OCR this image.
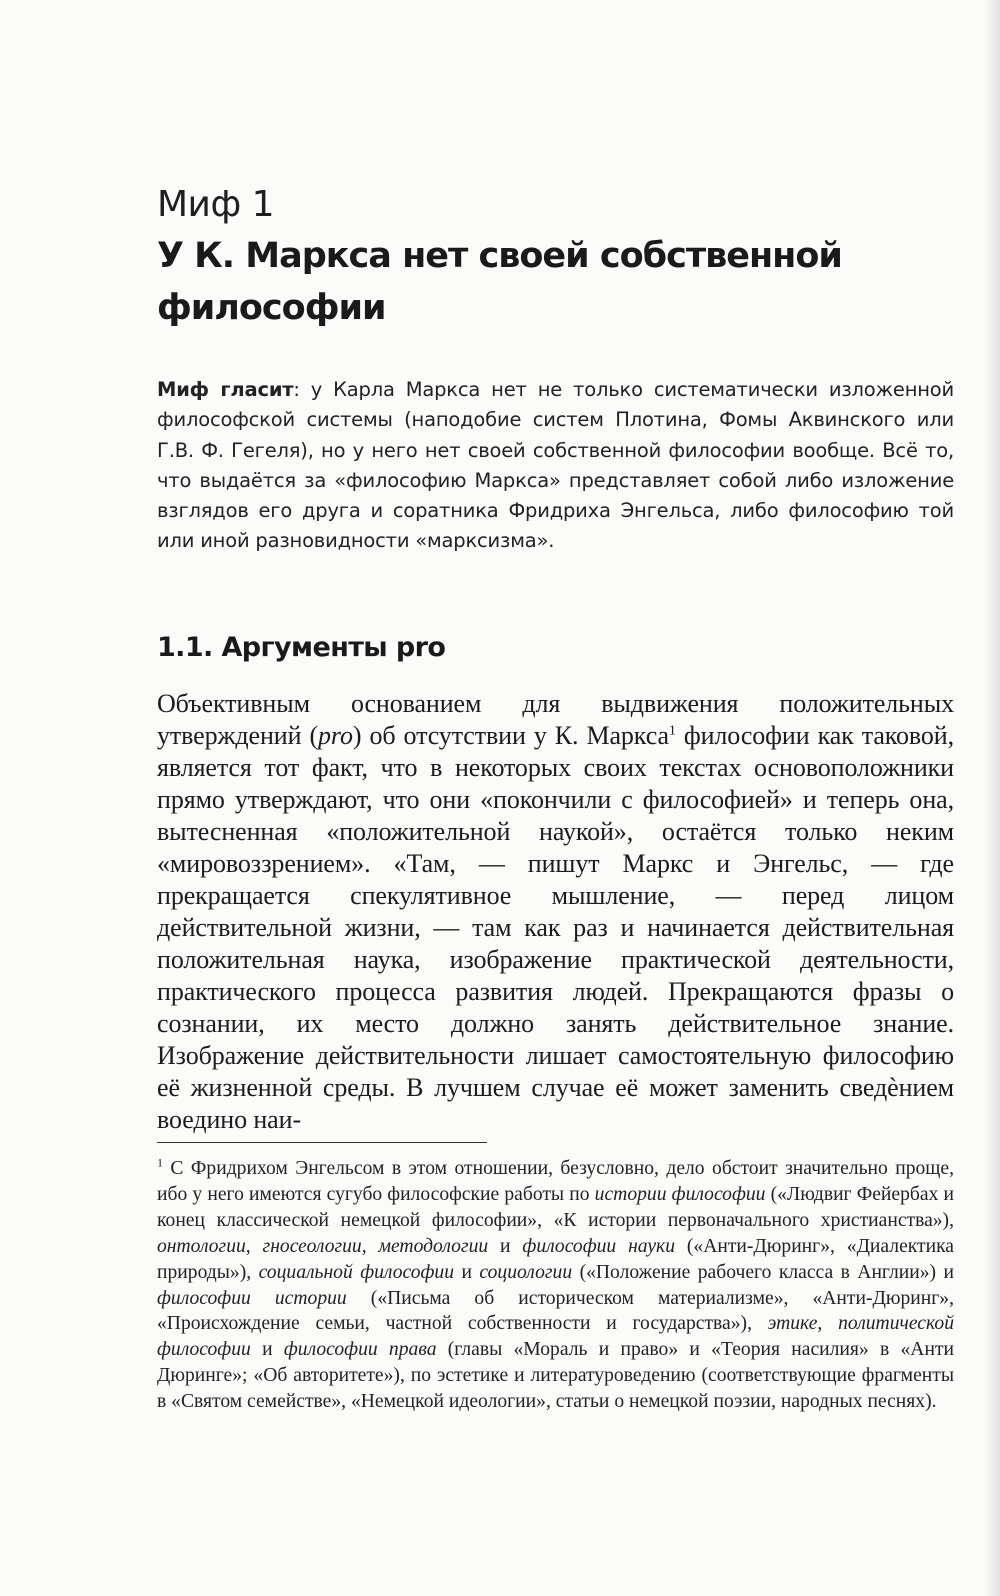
Миф 1
У К. Маркса нет своей собственной философии

Миф гласит: у Карла Маркса нет не только систематически изложенной философской системы (наподобие систем Плотина, Фомы Аквинского или Г.В. Ф. Гегеля), но у него нет своей собственной философии вообще. Всё то, что выдаётся за «философию Маркса» представляет собой либо изложение взглядов его друга и соратника Фридриха Энгельса, либо философию той или иной разновидности «марксизма».

1.1. Аргументы pro

Объективным основанием для выдвижения положительных утверждений (pro) об отсутствии у К. Маркса$^1$ философии как таковой, является тот факт, что в некоторых своих текстах основоположники прямо утверждают, что они «покончили с философией» и теперь она, вытесненная «положительной наукой», остаётся только неким «мировоззрением». «Там, — пишут Маркс и Энгельс, — где прекращается спекулятивное мышление, — перед лицом действительной жизни, — там как раз и начинается действительная положительная наука, изображение практической деятельности, практического процесса развития людей. Прекращаются фразы о сознании, их место должно занять действительное знание. Изображение действительности лишает самостоятельную философию её жизненной среды. В лучшем случае её может заменить сведѐнием воедино наи-

$^1$ С Фридрихом Энгельсом в этом отношении, безусловно, дело обстоит значительно проще, ибо у него имеются сугубо философские работы по истории философии («Людвиг Фейербах и конец классической немецкой философии», «К истории первоначального христианства»), онтологии, гносеологии, методологии и философии науки («Анти-Дюринг», «Диалектика природы»), социальной философии и социологии («Положение рабочего класса в Англии») и философии истории («Письма об историческом материализме», «Анти-Дюринг», «Происхождение семьи, частной собственности и государства»), этике, политической философии и философии права (главы «Мораль и право» и «Теория насилия» в «Анти Дюринге»; «Об авторитете»), по эстетике и литературоведению (соответствующие фрагменты в «Святом семействе», «Немецкой идеологии», статьи о немецкой поэзии, народных песнях).
